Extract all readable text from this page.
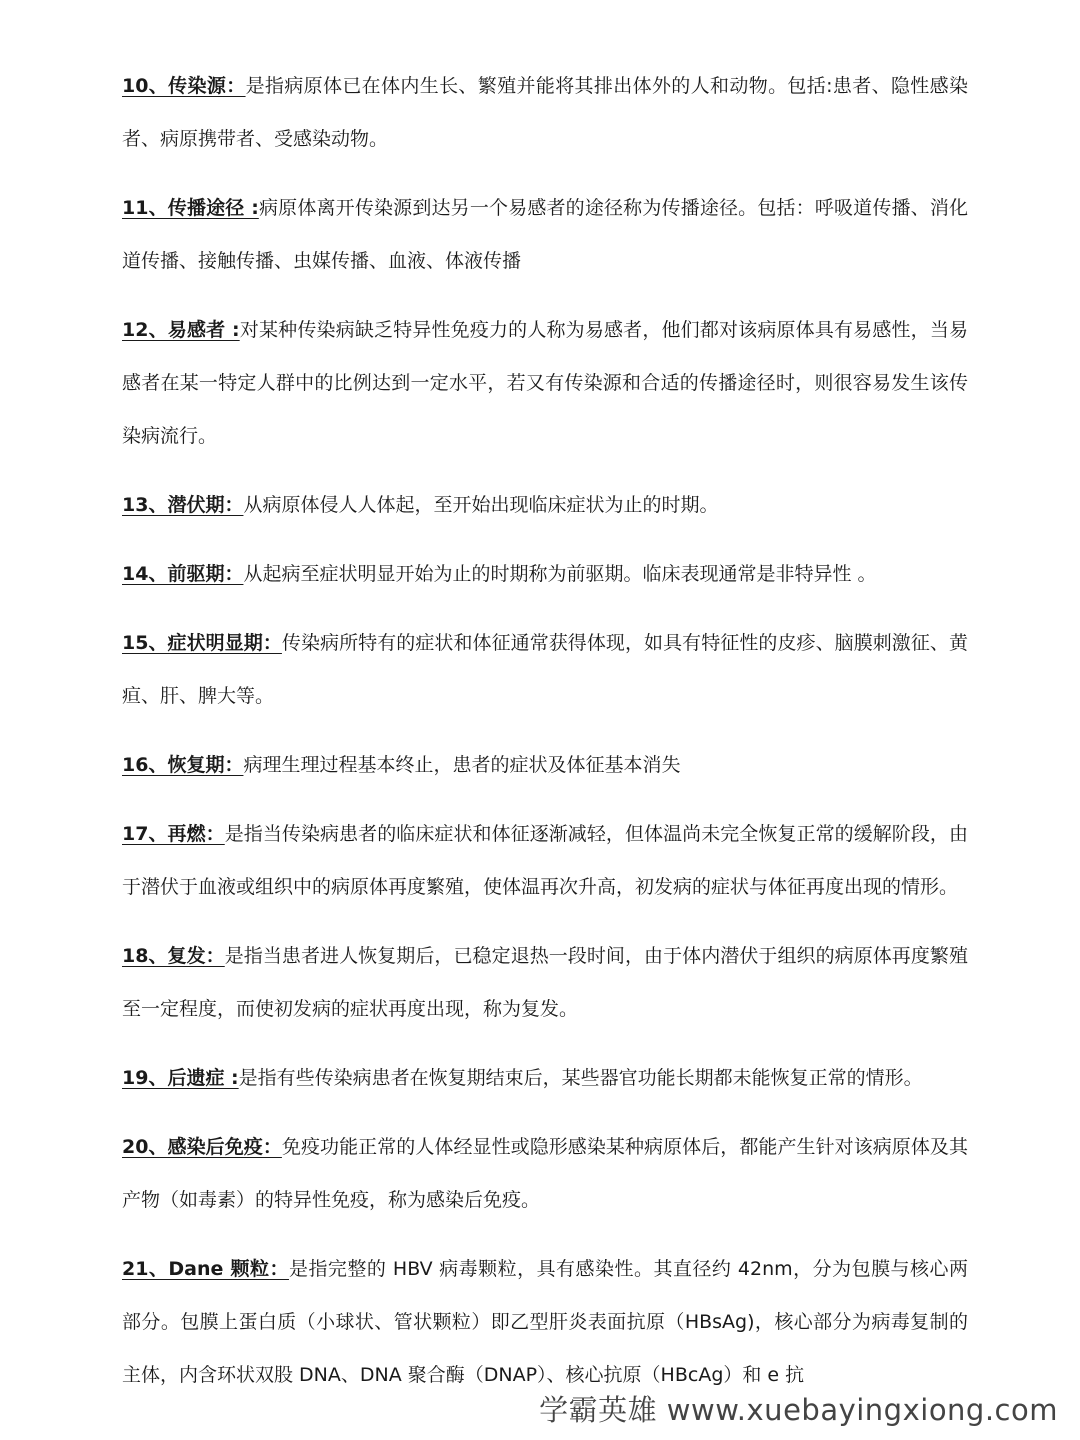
10、传染源：是指病原体已在体内生长、繁殖并能将其排出体外的人和动物。包括:患者、隐性感染者、病原携带者、受感染动物。

11、传播途径 :病原体离开传染源到达另一个易感者的途径称为传播途径。包括：呼吸道传播、消化道传播、接触传播、虫媒传播、血液、体液传播

12、易感者 :对某种传染病缺乏特异性免疫力的人称为易感者，他们都对该病原体具有易感性，当易感者在某一特定人群中的比例达到一定水平，若又有传染源和合适的传播途径时，则很容易发生该传染病流行。

13、潜伏期：从病原体侵人人体起，至开始出现临床症状为止的时期。

14、前驱期：从起病至症状明显开始为止的时期称为前驱期。临床表现通常是非特异性 。

15、症状明显期：传染病所特有的症状和体征通常获得体现，如具有特征性的皮疹、脑膜刺激征、黄疸、肝、脾大等。

16、恢复期：病理生理过程基本终止，患者的症状及体征基本消失

17、再燃：是指当传染病患者的临床症状和体征逐渐减轻，但体温尚未完全恢复正常的缓解阶段，由于潜伏于血液或组织中的病原体再度繁殖，使体温再次升高，初发病的症状与体征再度出现的情形。

18、复发：是指当患者进人恢复期后，已稳定退热一段时间，由于体内潜伏于组织的病原体再度繁殖至一定程度，而使初发病的症状再度出现，称为复发。

19、后遗症 :是指有些传染病患者在恢复期结束后，某些器官功能长期都未能恢复正常的情形。

20、感染后免疫：免疫功能正常的人体经显性或隐形感染某种病原体后，都能产生针对该病原体及其产物（如毒素）的特异性免疫，称为感染后免疫。

21、Dane 颗粒：是指完整的 HBV 病毒颗粒，具有感染性。其直径约 42nm，分为包膜与核心两部分。包膜上蛋白质（小球状、管状颗粒）即乙型肝炎表面抗原（HBsAg)，核心部分为病毒复制的主体，内含环状双股 DNA、DNA 聚合酶（DNAP）、核心抗原（HBcAg）和 e 抗

学霸英雄 www.xuebayingxiong.com
